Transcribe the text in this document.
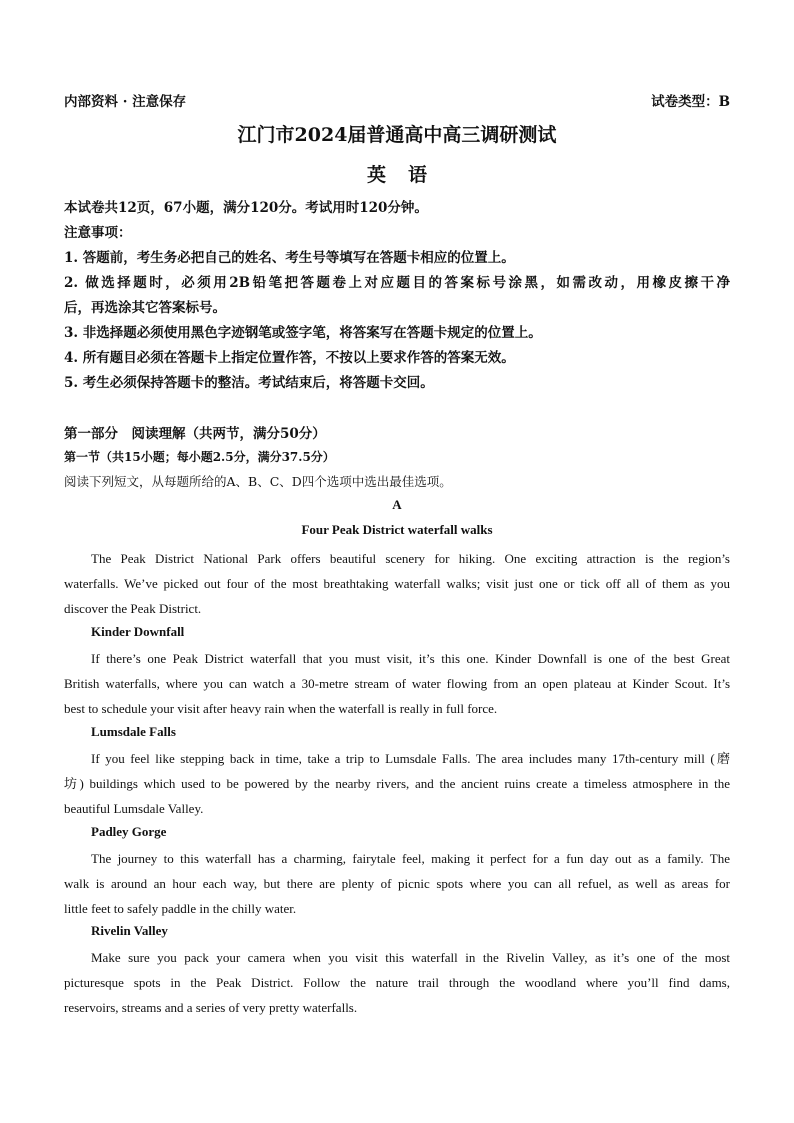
内部资料 · 注意保存	试卷类型：B
江门市2024届普通高中高三调研测试
英语
本试卷共12页，67小题，满分120分。考试用时120分钟。
注意事项：
1. 答题前，考生务必把自己的姓名、考生号等填写在答题卡相应的位置上。
2. 做选择题时，必须用2B铅笔把答题卷上对应题目的答案标号涂黑，如需改动，用橡皮擦干净
后，再选涂其它答案标号。
3. 非选择题必须使用黑色字迹钢笔或签字笔，将答案写在答题卡规定的位置上。
4. 所有题目必须在答题卡上指定位置作答，不按以上要求作答的答案无效。
5. 考生必须保持答题卡的整洁。考试结束后，将答题卡交回。
第一部分　阅读理解（共两节，满分50分）
第一节（共15小题；每小题2.5分，满分37.5分）
阅读下列短文，从每题所给的A、B、C、D四个选项中选出最佳选项。
A
Four Peak District waterfall walks
The Peak District National Park offers beautiful scenery for hiking. One exciting attraction is the region’s
waterfalls. We’ve picked out four of the most breathtaking waterfall walks; visit just one or tick off all of them as you
discover the Peak District.
Kinder Downfall
If there’s one Peak District waterfall that you must visit, it’s this one. Kinder Downfall is one of the best Great
British waterfalls, where you can watch a 30-metre stream of water flowing from an open plateau at Kinder Scout. It’s
best to schedule your visit after heavy rain when the waterfall is really in full force.
Lumsdale Falls
If you feel like stepping back in time, take a trip to Lumsdale Falls. The area includes many 17th-century mill (磨
坊) buildings which used to be powered by the nearby rivers, and the ancient ruins create a timeless atmosphere in the
beautiful Lumsdale Valley.
Padley Gorge
The journey to this waterfall has a charming, fairytale feel, making it perfect for a fun day out as a family. The
walk is around an hour each way, but there are plenty of picnic spots where you can all refuel, as well as areas for
little feet to safely paddle in the chilly water.
Rivelin Valley
Make sure you pack your camera when you visit this waterfall in the Rivelin Valley, as it’s one of the most
picturesque spots in the Peak District. Follow the nature trail through the woodland where you’ll find dams,
reservoirs, streams and a series of very pretty waterfalls.
